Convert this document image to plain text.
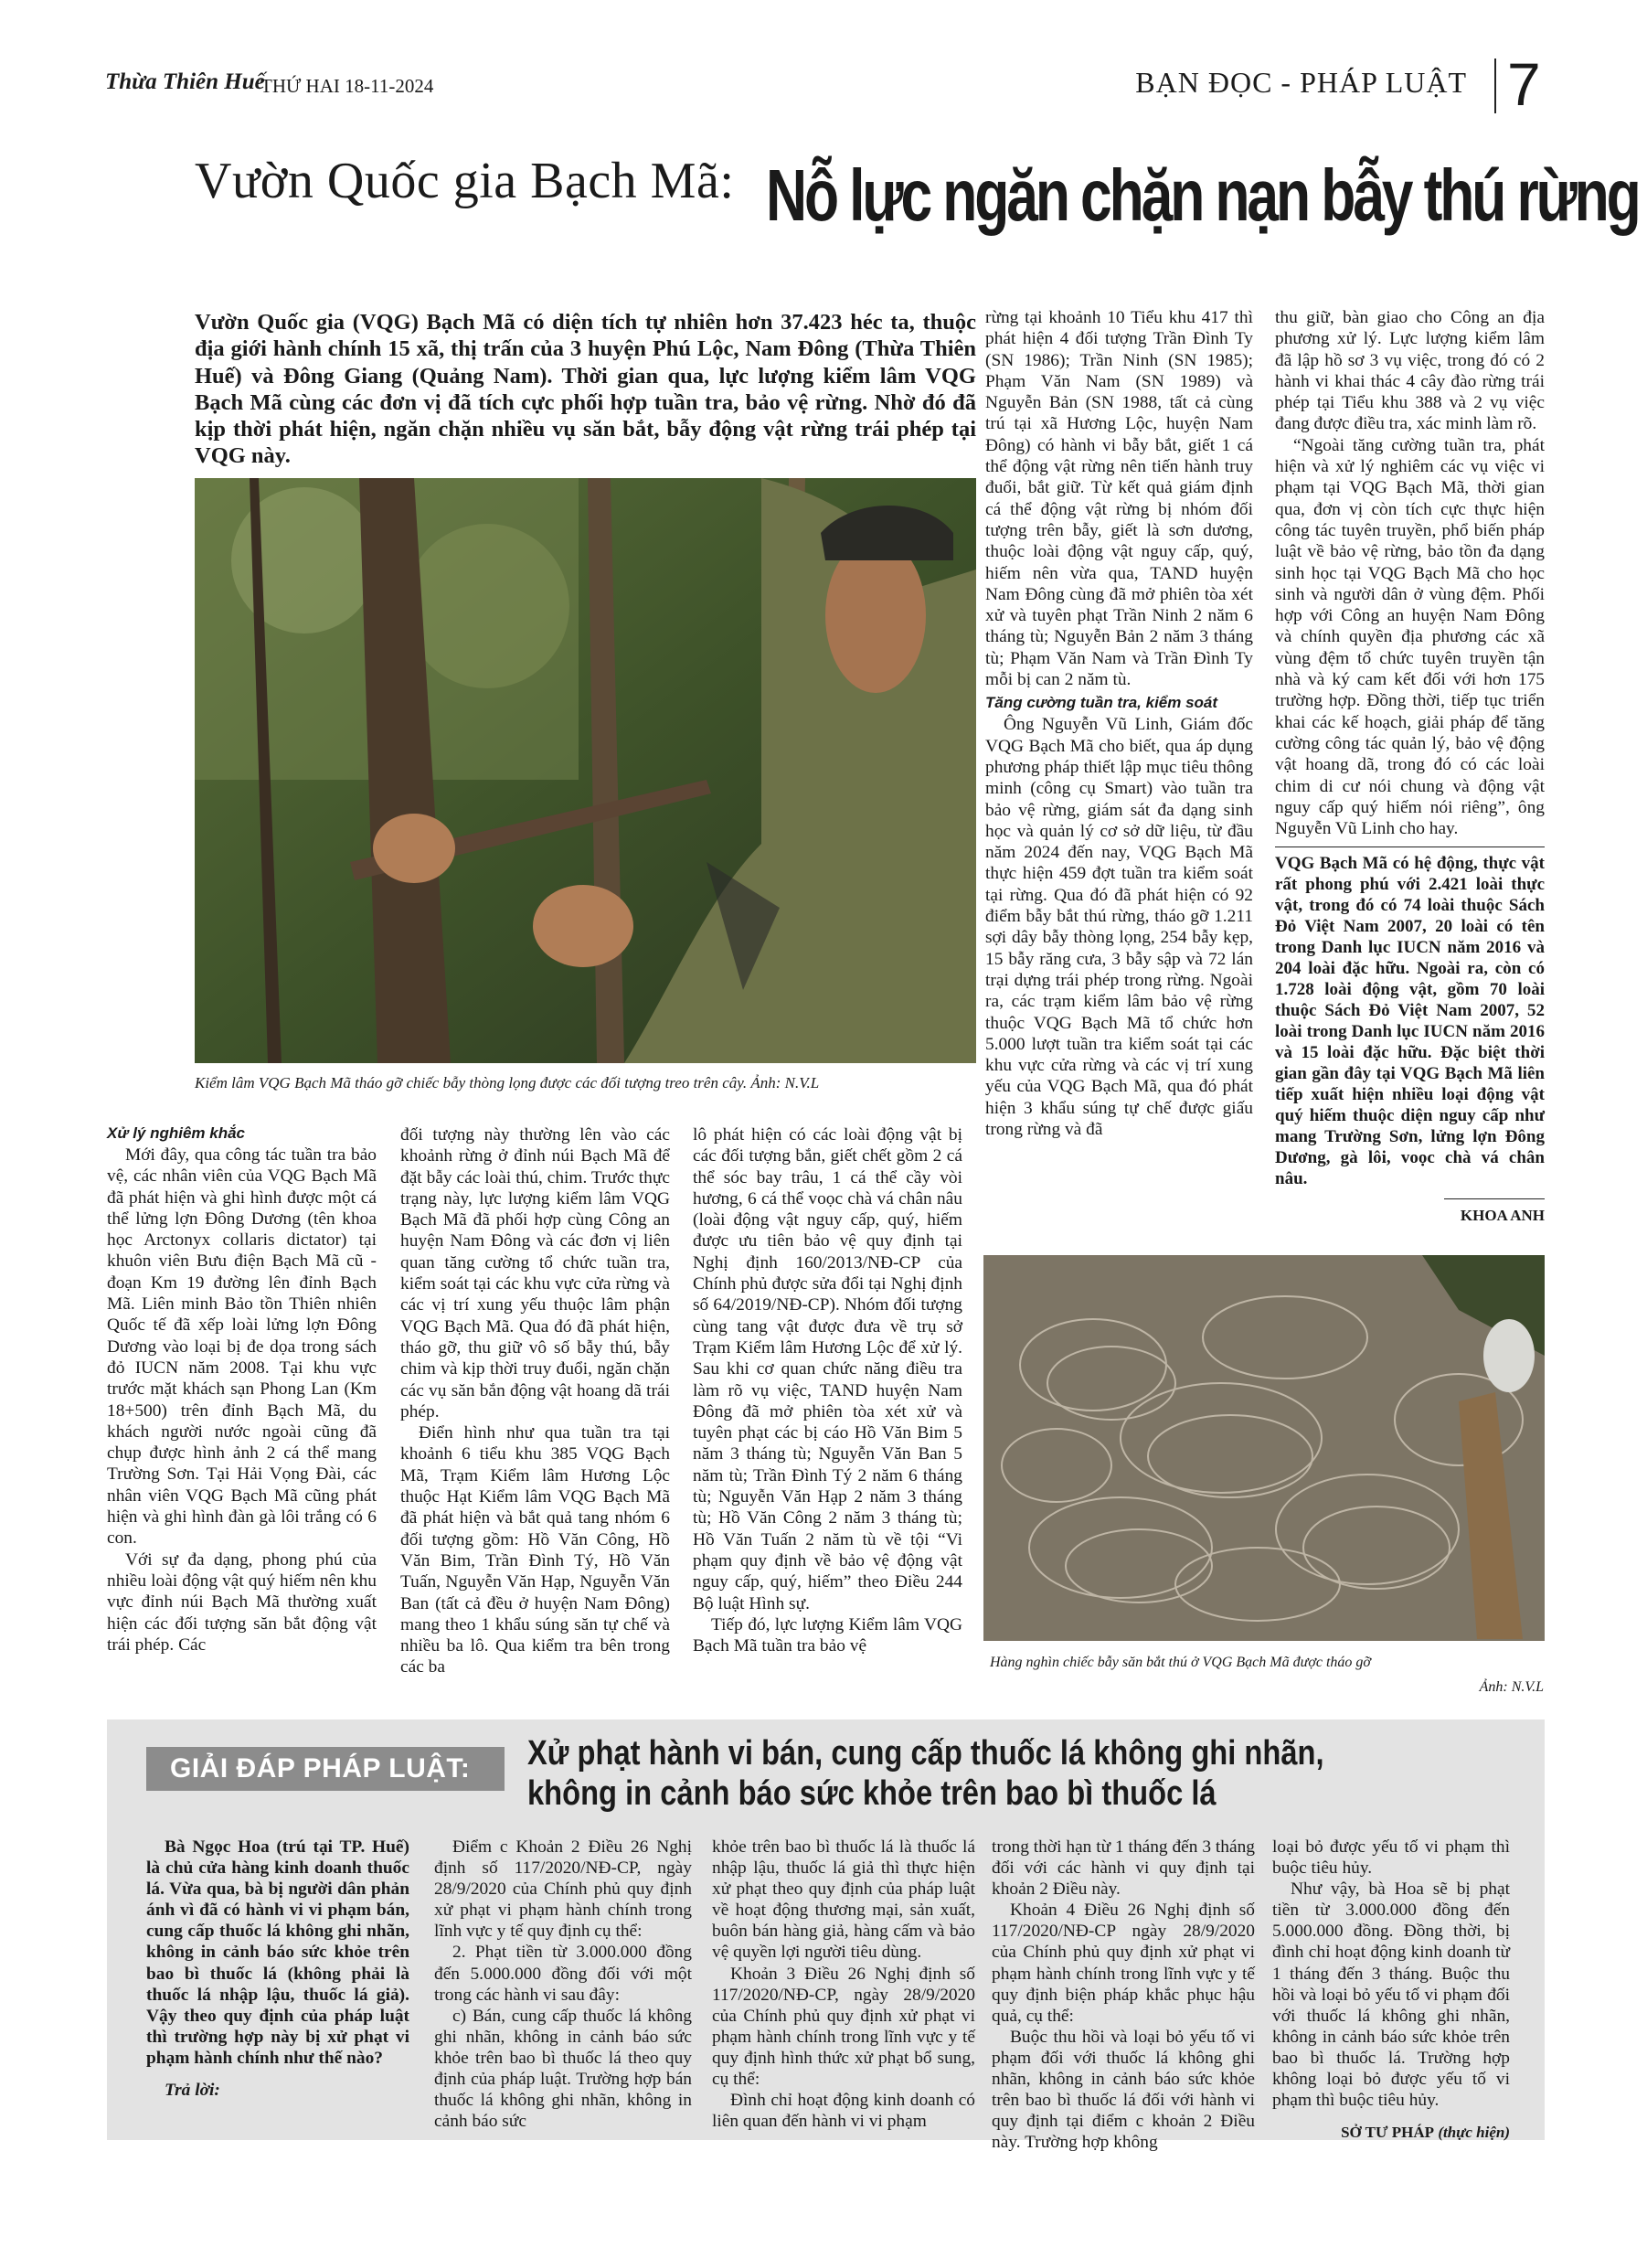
Thừa Thiên Huế
THỨ HAI 18-11-2024	BẠN ĐỌC - PHÁP LUẬT 7
Vườn Quốc gia Bạch Mã: Nỗ lực ngăn chặn nạn bẫy thú rừng
Vườn Quốc gia (VQG) Bạch Mã có diện tích tự nhiên hơn 37.423 héc ta, thuộc địa giới hành chính 15 xã, thị trấn của 3 huyện Phú Lộc, Nam Đông (Thừa Thiên Huế) và Đông Giang (Quảng Nam). Thời gian qua, lực lượng kiểm lâm VQG Bạch Mã cùng các đơn vị đã tích cực phối hợp tuần tra, bảo vệ rừng. Nhờ đó đã kịp thời phát hiện, ngăn chặn nhiều vụ săn bắt, bẫy động vật rừng trái phép tại VQG này.
Kiểm lâm VQG Bạch Mã tháo gỡ chiếc bẫy thòng lọng được các đối tượng treo trên cây. Ảnh: N.V.L

rừng tại khoảnh 10 Tiểu khu 417 thì phát hiện 4 đối tượng Trần Đình Ty (SN 1986); Trần Ninh (SN 1985); Phạm Văn Nam (SN 1989) và Nguyễn Bản (SN 1988, tất cả cùng trú tại xã Hương Lộc, huyện Nam Đông) có hành vi bẫy bắt, giết 1 cá thể động vật rừng nên tiến hành truy đuổi, bắt giữ. Từ kết quả giám định cá thể động vật rừng bị nhóm đối tượng trên bẫy, giết là sơn dương, thuộc loài động vật nguy cấp, quý, hiếm nên vừa qua, TAND huyện Nam Đông cùng đã mở phiên tòa xét xử và tuyên phạt Trần Ninh 2 năm 6 tháng tù; Nguyễn Bản 2 năm 3 tháng tù; Phạm Văn Nam và Trần Đình Ty mỗi bị can 2 năm tù.

Tăng cường tuần tra, kiểm soát

Ông Nguyễn Vũ Linh, Giám đốc VQG Bạch Mã cho biết, qua áp dụng phương pháp thiết lập mục tiêu thông minh (công cụ Smart) vào tuần tra bảo vệ rừng, giám sát đa dạng sinh học và quản lý cơ sở dữ liệu, từ đầu năm 2024 đến nay, VQG Bạch Mã thực hiện 459 đợt tuần tra kiểm soát tại rừng. Qua đó đã phát hiện có 92 điểm bẫy bắt thú rừng, tháo gỡ 1.211 sợi dây bẫy thòng lọng, 254 bẫy kẹp, 15 bẫy răng cưa, 3 bẫy sập và 72 lán trại dựng trái phép trong rừng. Ngoài ra, các trạm kiểm lâm bảo vệ rừng thuộc VQG Bạch Mã tổ chức hơn 5.000 lượt tuần tra kiểm soát tại các khu vực cửa rừng và các vị trí xung yếu của VQG Bạch Mã, qua đó phát hiện 3 khẩu súng tự chế được giấu trong rừng và đã

thu giữ, bàn giao cho Công an địa phương xử lý. Lực lượng kiểm lâm đã lập hồ sơ 3 vụ việc, trong đó có 2 hành vi khai thác 4 cây đào rừng trái phép tại Tiểu khu 388 và 2 vụ việc đang được điều tra, xác minh làm rõ.

“Ngoài tăng cường tuần tra, phát hiện và xử lý nghiêm các vụ việc vi phạm tại VQG Bạch Mã, thời gian qua, đơn vị còn tích cực thực hiện công tác tuyên truyền, phổ biến pháp luật về bảo vệ rừng, bảo tồn đa dạng sinh học tại VQG Bạch Mã cho học sinh và người dân ở vùng đệm. Phối hợp với Công an huyện Nam Đông và chính quyền địa phương các xã vùng đệm tổ chức tuyên truyền tận nhà và ký cam kết đối với hơn 175 trường hợp. Đồng thời, tiếp tục triển khai các kế hoạch, giải pháp để tăng cường công tác quản lý, bảo vệ động vật hoang dã, trong đó có các loài chim di cư nói chung và động vật nguy cấp quý hiếm nói riêng”, ông Nguyễn Vũ Linh cho hay.

VQG Bạch Mã có hệ động, thực vật rất phong phú với 2.421 loài thực vật, trong đó có 74 loài thuộc Sách Đỏ Việt Nam 2007, 20 loài có tên trong Danh lục IUCN năm 2016 và 204 loài đặc hữu. Ngoài ra, còn có 1.728 loài động vật, gồm 70 loài thuộc Sách Đỏ Việt Nam 2007, 52 loài trong Danh lục IUCN năm 2016 và 15 loài đặc hữu. Đặc biệt thời gian gần đây tại VQG Bạch Mã liên tiếp xuất hiện nhiều loại động vật quý hiếm thuộc diện nguy cấp như mang Trường Sơn, lửng lợn Đông Dương, gà lôi, voọc chà vá chân nâu.

KHOA ANH
Xử lý nghiêm khắc

Mới đây, qua công tác tuần tra bảo vệ, các nhân viên của VQG Bạch Mã đã phát hiện và ghi hình được một cá thể lửng lợn Đông Dương (tên khoa học Arctonyx collaris dictator) tại khuôn viên Bưu điện Bạch Mã cũ - đoạn Km 19 đường lên đỉnh Bạch Mã. Liên minh Bảo tồn Thiên nhiên Quốc tế đã xếp loài lửng lợn Đông Dương vào loại bị đe dọa trong sách đỏ IUCN năm 2008. Tại khu vực trước mặt khách sạn Phong Lan (Km 18+500) trên đỉnh Bạch Mã, du khách người nước ngoài cũng đã chụp được hình ảnh 2 cá thể mang Trường Sơn. Tại Hải Vọng Đài, các nhân viên VQG Bạch Mã cũng phát hiện và ghi hình đàn gà lôi trắng có 6 con.

Với sự đa dạng, phong phú của nhiều loài động vật quý hiếm nên khu vực đỉnh núi Bạch Mã thường xuất hiện các đối tượng săn bắt động vật trái phép. Các

đối tượng này thường lên vào các khoảnh rừng ở đỉnh núi Bạch Mã để đặt bẫy các loài thú, chim. Trước thực trạng này, lực lượng kiểm lâm VQG Bạch Mã đã phối hợp cùng Công an huyện Nam Đông và các đơn vị liên quan tăng cường tổ chức tuần tra, kiểm soát tại các khu vực cửa rừng và các vị trí xung yếu thuộc lâm phận VQG Bạch Mã. Qua đó đã phát hiện, tháo gỡ, thu giữ vô số bẫy thú, bẫy chim và kịp thời truy đuổi, ngăn chặn các vụ săn bắn động vật hoang dã trái phép.

Điển hình như qua tuần tra tại khoảnh 6 tiểu khu 385 VQG Bạch Mã, Trạm Kiểm lâm Hương Lộc thuộc Hạt Kiểm lâm VQG Bạch Mã đã phát hiện và bắt quả tang nhóm 6 đối tượng gồm: Hồ Văn Công, Hồ Văn Bim, Trần Đình Tý, Hồ Văn Tuấn, Nguyễn Văn Hạp, Nguyễn Văn Ban (tất cả đều ở huyện Nam Đông) mang theo 1 khẩu súng săn tự chế và nhiều ba lô. Qua kiểm tra bên trong các ba

lô phát hiện có các loài động vật bị các đối tượng bắn, giết chết gồm 2 cá thể sóc bay trâu, 1 cá thể cầy vòi hương, 6 cá thể voọc chà vá chân nâu (loài động vật nguy cấp, quý, hiếm được ưu tiên bảo vệ quy định tại Nghị định 160/2013/NĐ-CP của Chính phủ được sửa đổi tại Nghị định số 64/2019/NĐ-CP). Nhóm đối tượng cùng tang vật được đưa về trụ sở Trạm Kiểm lâm Hương Lộc để xử lý. Sau khi cơ quan chức năng điều tra làm rõ vụ việc, TAND huyện Nam Đông đã mở phiên tòa xét xử và tuyên phạt các bị cáo Hồ Văn Bim 5 năm 3 tháng tù; Nguyễn Văn Ban 5 năm tù; Trần Đình Tý 2 năm 6 tháng tù; Nguyễn Văn Hạp 2 năm 3 tháng tù; Hồ Văn Công 2 năm 3 tháng tù; Hồ Văn Tuấn 2 năm tù về tội “Vi phạm quy định về bảo vệ động vật nguy cấp, quý, hiếm” theo Điều 244 Bộ luật Hình sự.

Tiếp đó, lực lượng Kiểm lâm VQG Bạch Mã tuần tra bảo vệ

Hàng nghìn chiếc bẫy săn bắt thú ở VQG Bạch Mã được tháo gỡ
Ảnh: N.V.L
GIẢI ĐÁP PHÁP LUẬT:	Xử phạt hành vi bán, cung cấp thuốc lá không ghi nhãn,
không in cảnh báo sức khỏe trên bao bì thuốc lá

Bà Ngọc Hoa (trú tại TP. Huế) là chủ cửa hàng kinh doanh thuốc lá. Vừa qua, bà bị người dân phản ánh vì đã có hành vi vi phạm bán, cung cấp thuốc lá không ghi nhãn, không in cảnh báo sức khỏe trên bao bì thuốc lá (không phải là thuốc lá nhập lậu, thuốc lá giả). Vậy theo quy định của pháp luật thì trường hợp này bị xử phạt vi phạm hành chính như thế nào?

Trả lời:

Điểm c Khoản 2 Điều 26 Nghị định số 117/2020/NĐ-CP, ngày 28/9/2020 của Chính phủ quy định xử phạt vi phạm hành chính trong lĩnh vực y tế quy định cụ thể:

2. Phạt tiền từ 3.000.000 đồng đến 5.000.000 đồng đối với một trong các hành vi sau đây:

c) Bán, cung cấp thuốc lá không ghi nhãn, không in cảnh báo sức khỏe trên bao bì thuốc lá theo quy định của pháp luật. Trường hợp bán thuốc lá không ghi nhãn, không in cảnh báo sức

khỏe trên bao bì thuốc lá là thuốc lá nhập lậu, thuốc lá giả thì thực hiện xử phạt theo quy định của pháp luật về hoạt động thương mại, sản xuất, buôn bán hàng giả, hàng cấm và bảo vệ quyền lợi người tiêu dùng.

Khoản 3 Điều 26 Nghị định số 117/2020/NĐ-CP, ngày 28/9/2020 của Chính phủ quy định xử phạt vi phạm hành chính trong lĩnh vực y tế quy định hình thức xử phạt bổ sung, cụ thể:

Đình chỉ hoạt động kinh doanh có liên quan đến hành vi vi phạm

trong thời hạn từ 1 tháng đến 3 tháng đối với các hành vi quy định tại khoản 2 Điều này.

Khoản 4 Điều 26 Nghị định số 117/2020/NĐ-CP ngày 28/9/2020 của Chính phủ quy định xử phạt vi phạm hành chính trong lĩnh vực y tế quy định biện pháp khắc phục hậu quả, cụ thể:

Buộc thu hồi và loại bỏ yếu tố vi phạm đối với thuốc lá không ghi nhãn, không in cảnh báo sức khỏe trên bao bì thuốc lá đối với hành vi quy định tại điểm c khoản 2 Điều này. Trường hợp không

loại bỏ được yếu tố vi phạm thì buộc tiêu hủy.

Như vậy, bà Hoa sẽ bị phạt tiền từ 3.000.000 đồng đến 5.000.000 đồng. Đồng thời, bị đình chỉ hoạt động kinh doanh từ 1 tháng đến 3 tháng. Buộc thu hồi và loại bỏ yếu tố vi phạm đối với thuốc lá không ghi nhãn, không in cảnh báo sức khỏe trên bao bì thuốc lá. Trường hợp không loại bỏ được yếu tố vi phạm thì buộc tiêu hủy.

SỞ TƯ PHÁP (thực hiện)
